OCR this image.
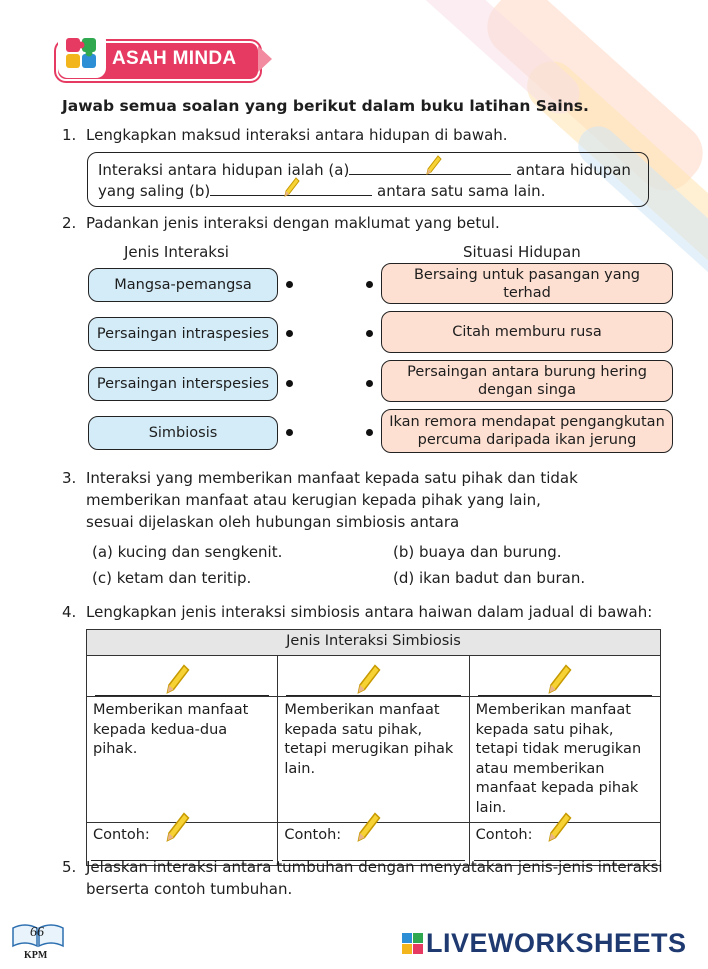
ASAH MINDA
Jawab semua soalan yang berikut dalam buku latihan Sains.
1. Lengkapkan maksud interaksi antara hidupan di bawah.
Interaksi antara hidupan ialah (a)	antara hidupan
yang saling (b)	antara satu sama lain.
2. Padankan jenis interaksi dengan maklumat yang betul.
Jenis Interaksi	Situasi Hidupan
Mangsa-pemangsa
Persaingan intraspesies
Persaingan interspesies
Simbiosis
Bersaing untuk pasangan yang terhad
Citah memburu rusa
Persaingan antara burung hering dengan singa
Ikan remora mendapat pengangkutan percuma daripada ikan jerung
3. Interaksi yang memberikan manfaat kepada satu pihak dan tidak
memberikan manfaat atau kerugian kepada pihak yang lain,
sesuai dijelaskan oleh hubungan simbiosis antara
(a) kucing dan sengkenit.	(b) buaya dan burung.
(c) ketam dan teritip.	(d) ikan badut dan buran.
4. Lengkapkan jenis interaksi simbiosis antara haiwan dalam jadual di bawah:
Jenis Interaksi Simbiosis		

Memberikan manfaat kepada kedua-dua pihak.	Memberikan manfaat kepada satu pihak, tetapi merugikan pihak lain.	Memberikan manfaat kepada satu pihak, tetapi tidak merugikan atau memberikan manfaat kepada pihak lain.
Contoh:	Contoh:	Contoh:
5. Jelaskan interaksi antara tumbuhan dengan menyatakan jenis-jenis interaksi
berserta contoh tumbuhan.
66
KPM	LIVEWORKSHEETS
